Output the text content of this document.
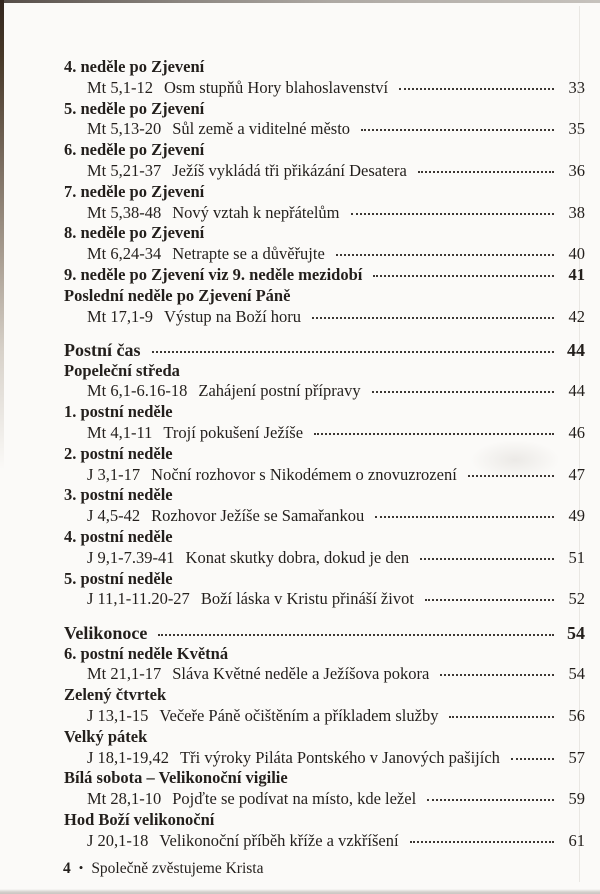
4. neděle po Zjevení
Mt 5,1-12 Osm stupňů Hory blahoslavenství	33
5. neděle po Zjevení
Mt 5,13-20 Sůl země a viditelné město	35
6. neděle po Zjevení
Mt 5,21-37 Ježíš vykládá tři přikázání Desatera	36
7. neděle po Zjevení
Mt 5,38-48 Nový vztah k nepřátelům	38
8. neděle po Zjevení
Mt 6,24-34 Netrapte se a důvěřujte	40
9. neděle po Zjevení viz 9. neděle mezidobí	41
Poslední neděle po Zjevení Páně
Mt 17,1-9 Výstup na Boží horu	42
Postní čas	44
Popeleční středa
Mt 6,1-6.16-18 Zahájení postní přípravy	44
1. postní neděle
Mt 4,1-11 Trojí pokušení Ježíše	46
2. postní neděle
J 3,1-17 Noční rozhovor s Nikodémem o znovuzrození	47
3. postní neděle
J 4,5-42 Rozhovor Ježíše se Samařankou	49
4. postní neděle
J 9,1-7.39-41 Konat skutky dobra, dokud je den	51
5. postní neděle
J 11,1-11.20-27 Boží láska v Kristu přináší život	52
Velikonoce	54
6. postní neděle Květná
Mt 21,1-17 Sláva Květné neděle a Ježíšova pokora	54
Zelený čtvrtek
J 13,1-15 Večeře Páně očištěním a příkladem služby	56
Velký pátek
J 18,1-19,42 Tři výroky Piláta Pontského v Janových pašijích	57
Bílá sobota – Velikonoční vigilie
Mt 28,1-10 Pojďte se podívat na místo, kde ležel	59
Hod Boží velikonoční
J 20,1-18 Velikonoční příběh kříže a vzkříšení	61
4 • Společně zvěstujeme Krista
